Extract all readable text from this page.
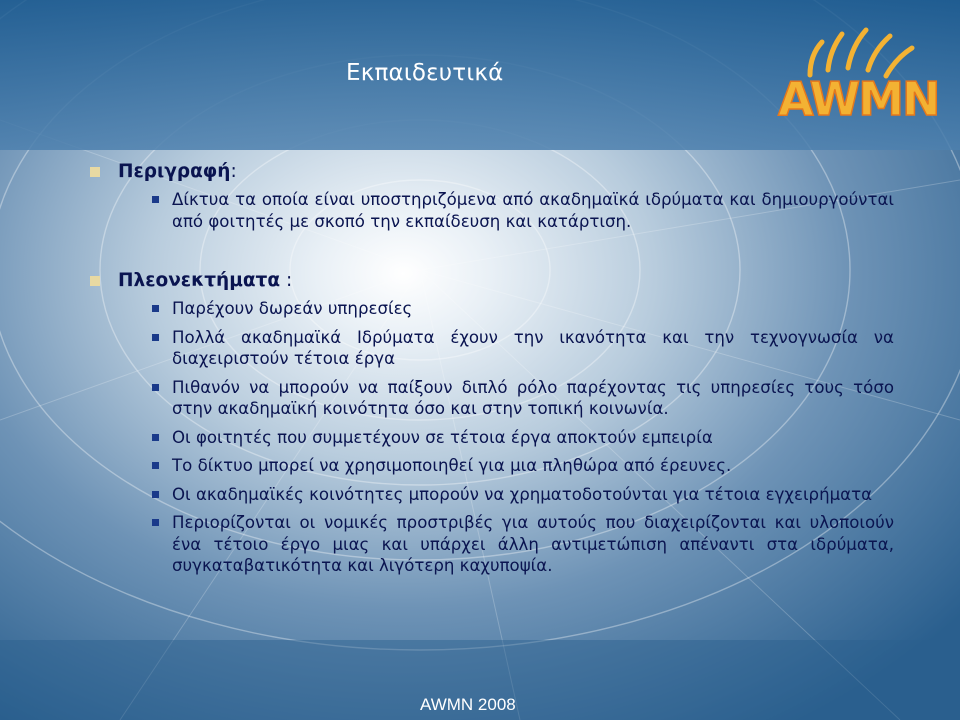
Εκπαιδευτικά	AWMN
Περιγραφή:
Δίκτυα τα οποία είναι υποστηριζόμενα από ακαδημαϊκά ιδρύματα και δημιουργούνται από φοιτητές με σκοπό την εκπαίδευση και κατάρτιση.
Πλεονεκτήματα :
Παρέχουν δωρεάν υπηρεσίες
Πολλά ακαδημαϊκά Ιδρύματα έχουν την ικανότητα και την τεχνογνωσία να διαχειριστούν τέτοια έργα
Πιθανόν να μπορούν να παίξουν διπλό ρόλο παρέχοντας τις υπηρεσίες τους τόσο στην ακαδημαϊκή κοινότητα όσο και στην τοπική κοινωνία.
Οι φοιτητές που συμμετέχουν σε τέτοια έργα αποκτούν εμπειρία
Το δίκτυο μπορεί να χρησιμοποιηθεί για μια πληθώρα από έρευνες.
Οι ακαδημαϊκές κοινότητες μπορούν να χρηματοδοτούνται για τέτοια εγχειρήματα
Περιορίζονται οι νομικές προστριβές για αυτούς που διαχειρίζονται και υλοποιούν ένα τέτοιο έργο μιας και υπάρχει άλλη αντιμετώπιση απέναντι στα ιδρύματα, συγκαταβατικότητα και λιγότερη καχυποψία.
AWMN 2008
